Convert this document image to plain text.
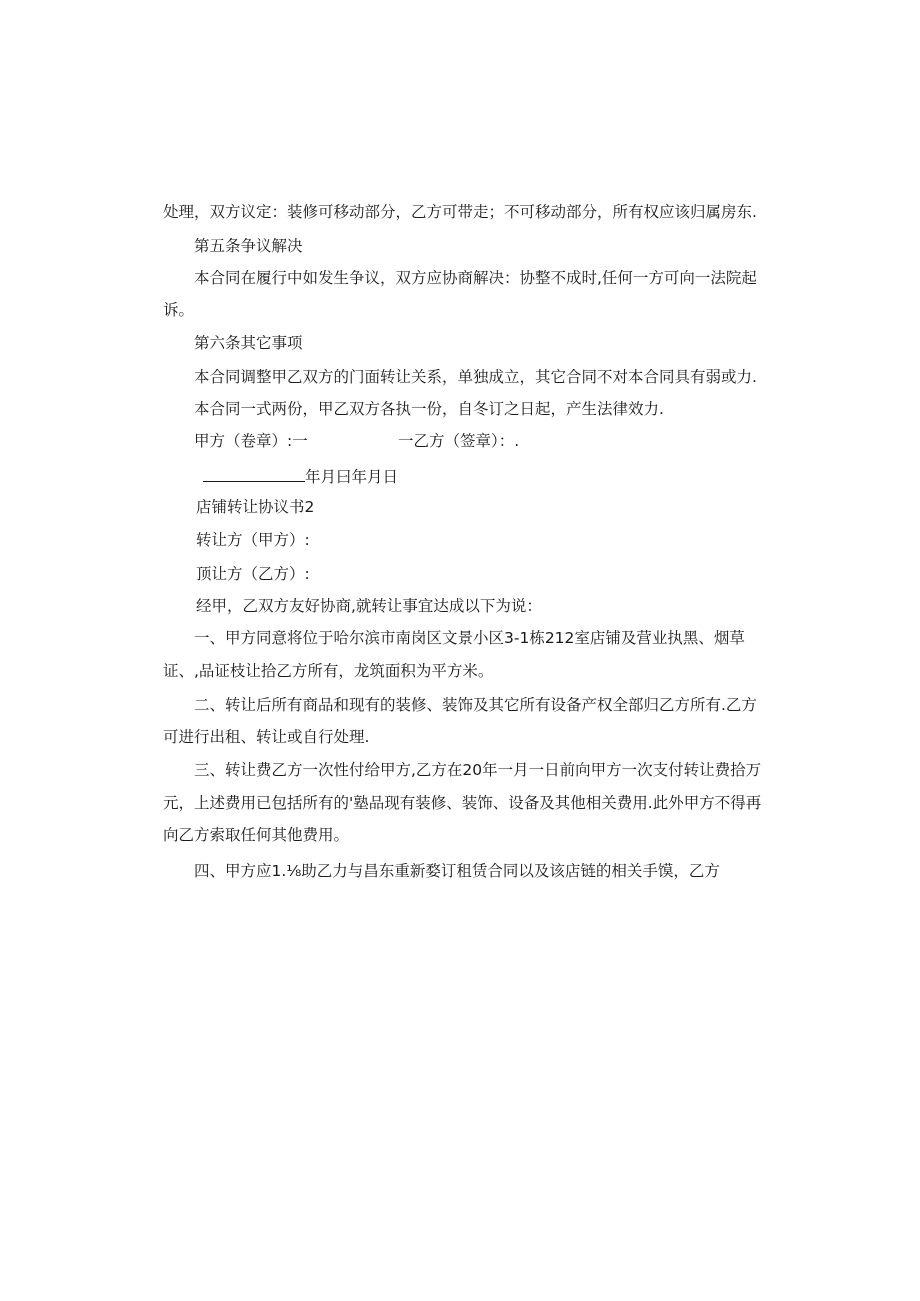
处理，双方议定：装修可移动部分，乙方可带走；不可移动部分，所有权应该归属房东.
第五条争议解决
本合同在履行中如发生争议，双方应协商解决：协整不成时,任何一方可向一法院起
诉。
第六条其它事项
本合同调整甲乙双方的门面转让关系，单独成立，其它合同不对本合同具有弱或力.
本合同一式两份，甲乙双方各执一份，自冬订之日起，产生法律效力.
甲方（卷章）:一	一乙方（签章）：.
年月曰年月日
店铺转让协议书2
转让方（甲方）:
顶让方（乙方）:
经甲，乙双方友好协商,就转让事宜达成以下为说：
一、甲方同意将位于哈尔滨市南岗区文景小区3-1栋212室店铺及营业执黑、烟草
证、,品证枝让拾乙方所有，龙筑面积为平方米。
二、转让后所有商品和现有的装修、装饰及其它所有设备产权全部归乙方所有.乙方
可进行出租、转让或自行处理.
三、转让费乙方一次性付给甲方,乙方在20年一月一日前向甲方一次支付转让费拾万
元，上述费用已包括所有的'塾品现有装修、装饰、设备及其他相关费用.此外甲方不得再
向乙方索取任何其他费用。
四、甲方应1.⅛助乙力与昌东重新婺订租赁合同以及该店链的相关手馍，乙方
